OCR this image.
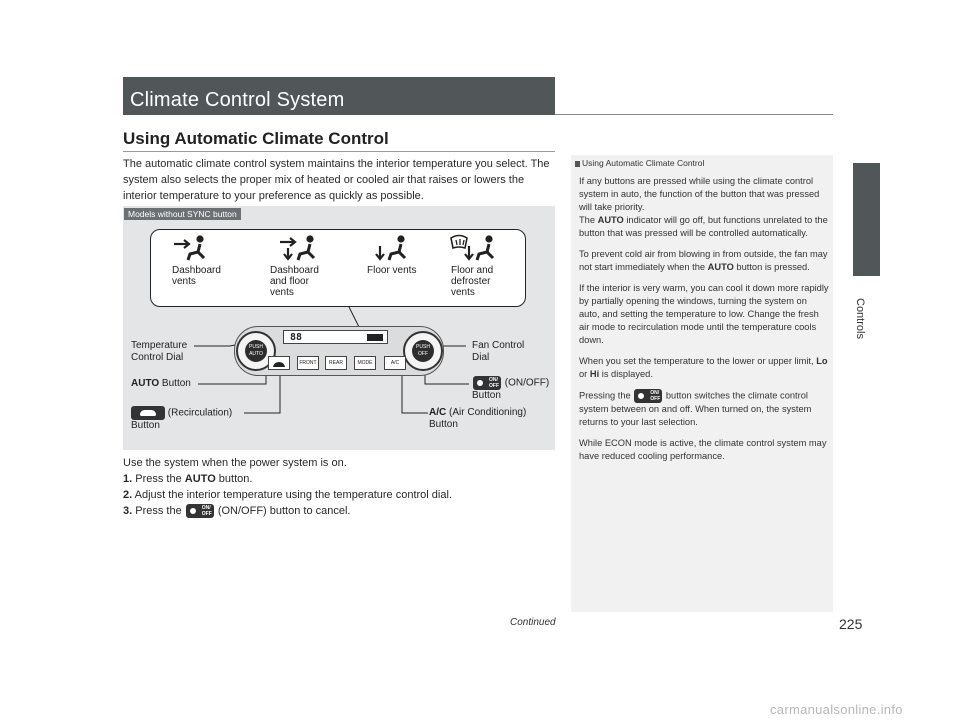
Climate Control System
Controls
Using Automatic Climate Control
The automatic climate control system maintains the interior temperature you select. The system also selects the proper mix of heated or cooled air that raises or lowers the interior temperature to your preference as quickly as possible.
Models without SYNC button
Dashboard vents
Dashboard and floor vents
Floor vents	Floor and defroster vents
PUSH AUTO
PUSH OFF
88
FRONT	REAR	MODE	A/C
Temperature Control Dial
Fan Control Dial
AUTO Button
ON/ OFF	(ON/OFF)
Button
(Recirculation)
Button
A/C (Air Conditioning)
Button
Use the system when the power system is on.
1. Press the AUTO button.
2. Adjust the interior temperature using the temperature control dial.
3. Press the ON/ OFF	(ON/OFF) button to cancel.
Using Automatic Climate Control

If any buttons are pressed while using the climate control system in auto, the function of the button that was pressed will take priority.
The AUTO indicator will go off, but functions unrelated to the button that was pressed will be controlled automatically.

To prevent cold air from blowing in from outside, the fan may not start immediately when the AUTO button is pressed.

If the interior is very warm, you can cool it down more rapidly by partially opening the windows, turning the system on auto, and setting the temperature to low. Change the fresh air mode to recirculation mode until the temperature cools down.

When you set the temperature to the lower or upper limit, Lo or Hi is displayed.

Pressing the ON/ OFF	button switches the climate control system between on and off. When turned on, the system returns to your last selection.

While ECON mode is active, the climate control system may have reduced cooling performance.

Continued	225
carmanualsonline.info
